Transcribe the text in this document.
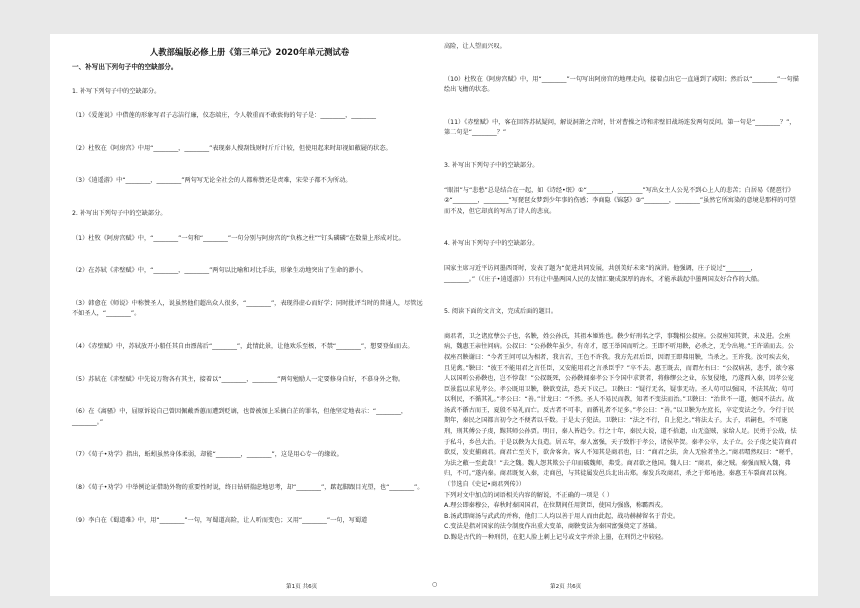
人教部编版必修上册《第三单元》2020年单元测试卷
一、补写出下列句子中的空缺部分。
1. 补写下列句子中的空缺部分。
（1）《爱莲说》中借莲的形象写君子志洁行廉，仪态端庄，令人敬重而不敢亵侮的句子是：________，________
（2）杜牧在《阿房宫》中用“________，________”表现秦人搜刮钱财时斤斤计较，但使用起来时却视如敝屣的状态。
（3）《逍遥游》中“________，________”两句写无论全社会的人都称赞还是责难，宋荣子都不为所动。
2. 补写出下列句子中的空缺部分。
（1）杜牧《阿房宫赋》中，“________”一句和“________”一句分别与阿房宫的“负栋之柱”“钉头磷磷”在数量上形成对比。
（2）在苏轼《赤壁赋》中，“________，________”两句以比喻和对比手法，形象生动地突出了生命的渺小。
（3）韩愈在《师说》中称赞圣人，说虽然他们超出众人很多，“________”，表现得虚心而好学；同时批评当时的普通人，尽管远不如圣人，“________”。
（4）《赤壁赋》中，苏轼放开小船任其自由漂荡后“________”，此情此景，让他欢乐至极，不禁“________”，想要登仙而去。
（5）苏轼在《赤壁赋》中先说万物各有其主，接着以“________，________”两句勉励人一定要修身自好，不慕身外之物。
（6）在《离骚》中，屈原诉说自己曾因佩戴香蕙而遭到贬谪，也曾被加上采摘白芷的罪名，但他坚定地表示：“________，________。”
（7）《荀子•劝学》指出，蚯蚓虽然身体柔弱，却能“________，________”，这是用心专一的缘故。
（8）《荀子•劝学》中举例论证借助外物的重要性时说，终日钻研揣虑地思考，却“________”，踮起脚跟目光望，也“________”。
（9）李白在《蜀道难》中，用“________”一句，写蜀道高险，让人听而变色；又用“________”一句，写蜀道
高险，让人望而兴叹。
（10）杜牧在《阿房宫赋》中，用“________”一句写出阿房宫的地理走向，接着点出它一直通到了咸阳；然后以“________”一句描绘出飞檐的状态。
（11）《赤壁赋》中，客在回答苏轼疑问，解说洞箫之音时，针对曹操之诗和赤壁旧战场连发两句反问。第一句是“________？”，第二句是“________？”
3. 补写出下列句子中的空缺部分。
“眼泪”与“悲愁”总是结合在一起，如《诗经•氓》①“________，________”写出女主人公见不到心上人的悲苦；白居易《琵琶行》②“________，________”写琵琶女梦到少年事的伤感；李商隐《锦瑟》③“________，________”虽然它所寓染的意境是那样的可望而不及，但它却真的写出了诗人的悲哀。
4. 补写出下列句子中的空缺部分。
国家主席习近平访问墨西哥时，发表了题为“促进共同发展，共创美好未来”的演讲。他强调，庄子说过“________，________。”（《庄子•逍遥游》）只有让中墨两国人民的友情汇聚成深厚的海水，才能承载起中墨两国友好合作的大船。
5. 阅读下面的文言文，完成后面的题目。
商君者，卫之诸庶孽公子也，名鞅，姓公孙氏，其祖本姬姓也。鞅少好刑名之学，事魏相公叔座。公叔座知其贤，未及进。会座病，魏惠王亲往问病。公叔曰：“公孙鞅年虽少，有奇才，愿王举国而听之。王即不听用鞅，必杀之，无令出境。”王许诺而去。公叔座召鞅谢曰：“今者王问可以为相者，我言若，王色不许我。我方先君后臣，因谓王即弗用鞅，当杀之。王许我。汝可疾去矣，且见禽。”鞅曰：“彼王不能用君之言任臣，又安能用君之言杀臣乎？”卒不去。惠王既去，而谓左右曰：“公叔病甚，悲乎，欲令寡人以国听公孙鞅也，岂不悖哉！”公叔既死，公孙鞅闻秦孝公下令国中求贤者，将修缪公之业，东复侵地，乃遂西入秦，因孝公宠臣景监以求见孝公。孝公既用卫鞅，鞅欲变法，恐天下议己。卫鞅曰：“疑行无名，疑事无功。圣人苟可以强国，不法其故；苟可以利民，不循其礼。”孝公曰：“善。”甘龙曰：“不然。圣人不易民而教，知者不变法而治。”卫鞅曰：“治世不一道，便国不法古。故汤武不循古而王，夏殷不易礼而亡。反古者不可非，而循礼者不足多。”孝公曰：“善。”以卫鞅为左庶长，卒定变法之令。令行于民期年，秦民之国都言初令之不便者以千数。于是太子犯法。卫鞅曰：“法之不行，自上犯之。”将法太子。太子，君嗣也，不可施刑，刑其傅公子虔，黥其师公孙贾。明日，秦人皆趋令。行之十年，秦民大说，道不拾遗，山无盗贼，家给人足。民勇于公战，怯于私斗，乡邑大治。于是以鞅为大良造。居五年，秦人富强，天子致胙于孝公，诸侯毕贺。秦孝公卒，太子立。公子虔之徒告商君欲反，发吏捕商君。商君亡至关下，欲舍客舍。客人不知其是商君也，曰：“商君之法，舍人无验者坐之。”商君喟然叹曰：“嗟乎，为法之敝一至此哉！”去之魏。魏人怨其欺公子卬而破魏师，弗受。商君欲之他国。魏人曰：“商君，秦之贼。秦强而贼入魏，弗归，不可。”遂内秦。商君既复入秦，走商邑，与其徒属发邑兵北出击郑。秦发兵攻商君，杀之于郑黾池。秦惠王车裂商君以徇。
（节选自《史记•商君列传》）
下列对文中加点的词语相关内容的解说，不正确的一项是（ ）
A.理公即秦穆公，春秋时秦国国君，在位期间任用贤臣，使国力强盛，称霸西戎。
B.汤武即商汤与武武的并称，他们二人均以善于用人而由此起，战功赫赫留名于青史。
C.变法是指对国家的法令制度作出重大变革，商鞅变法为秦国富强奠定了基础。
D.黥是古代的一种刑罚，在犯人脸上刺上记号或文字并涂上墨，在刑罚之中较轻。
第1页 共6页	○	第2页 共6页
